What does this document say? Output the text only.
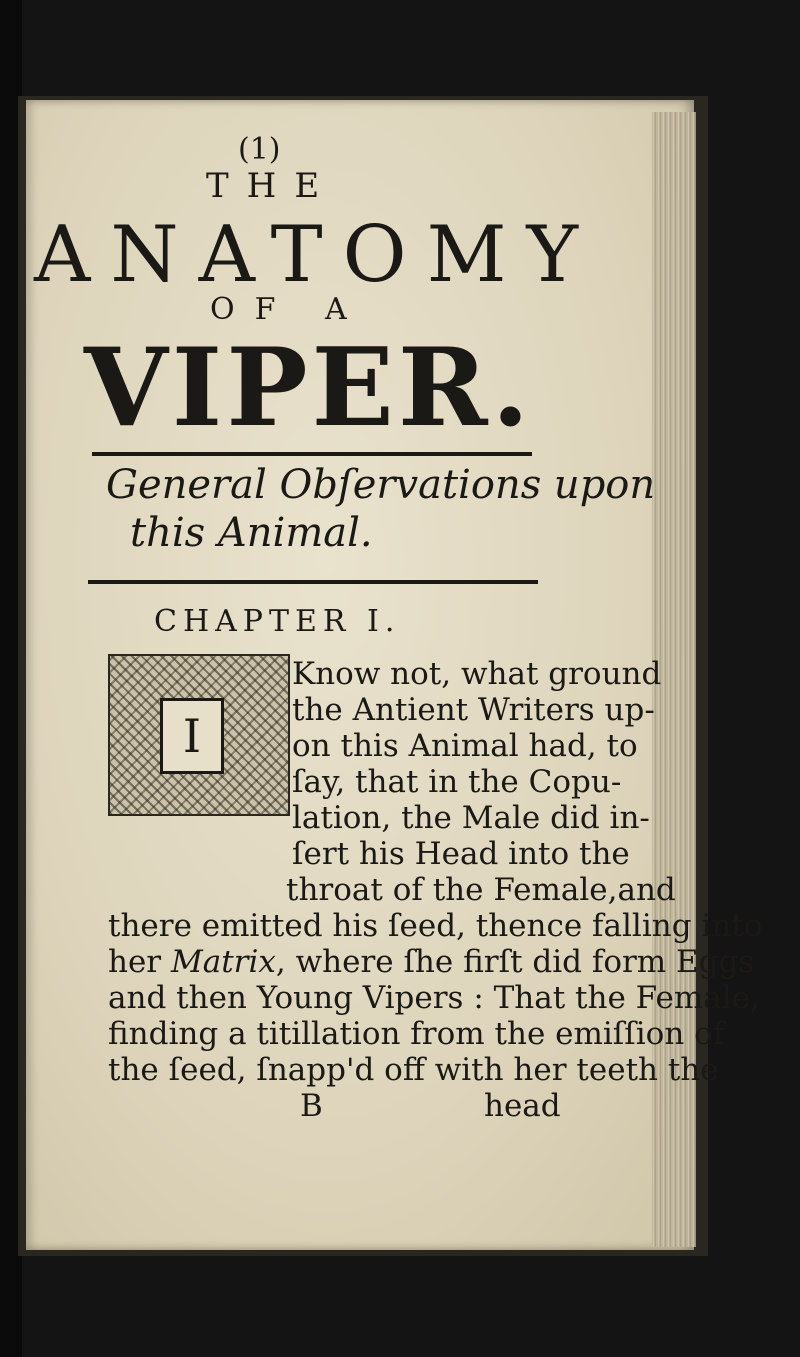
(1)
THE
ANATOMY
OF A
VIPER.
General Obſervations upon
this Animal.
CHAPTER I.
I
Know not, what ground
the Antient Writers up-
on this Animal had, to
ſay, that in the Copu-
lation, the Male did in-
ſert his Head into the
throat of the Female,and
there emitted his ſeed, thence falling into
her Matrix, where ſhe firſt did form Eggs
and then Young Vipers : That the Female,
finding a titillation from the emiſſion of
the ſeed, ſnapp'd off with her teeth the
B	head
